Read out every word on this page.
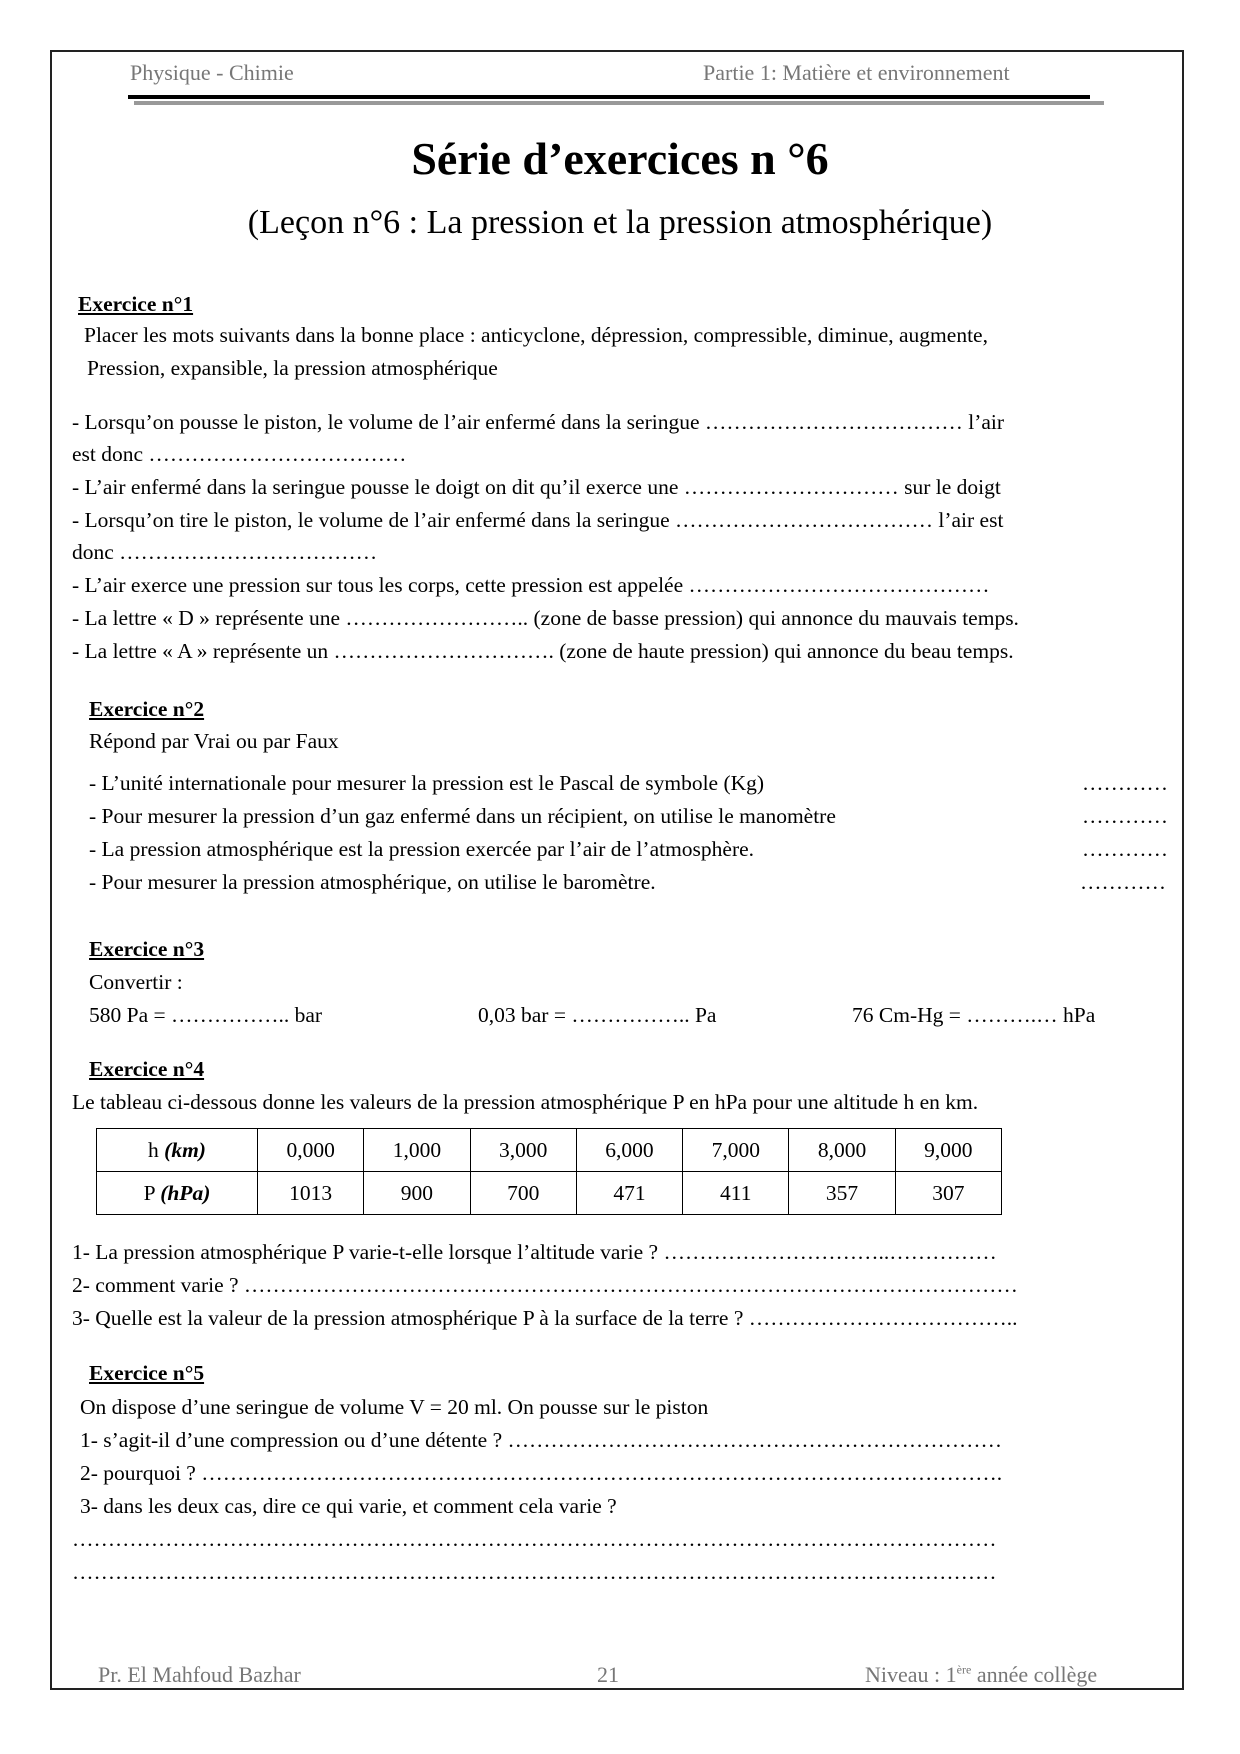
Physique - Chimie	Partie 1: Matière et environnement
Série d’exercices n °6
(Leçon n°6 : La pression et la pression atmosphérique)
Exercice n°1
Placer les mots suivants dans la bonne place : anticyclone, dépression, compressible, diminue, augmente,
Pression, expansible, la pression atmosphérique
- Lorsqu’on pousse le piston, le volume de l’air enfermé dans la seringue ……………………………… l’air
est donc ………………………………
- L’air enfermé dans la seringue pousse le doigt on dit qu’il exerce une ………………………… sur le doigt
- Lorsqu’on tire le piston, le volume de l’air enfermé dans la seringue ……………………………… l’air est
donc ………………………………
- L’air exerce une pression sur tous les corps, cette pression est appelée ……………………………………
- La lettre « D » représente une …………………….. (zone de basse pression) qui annonce du mauvais temps.
- La lettre « A » représente un …………………………. (zone de haute pression) qui annonce du beau temps.
Exercice n°2
Répond par Vrai ou par Faux
- L’unité internationale pour mesurer la pression est le Pascal de symbole (Kg)	…………
- Pour mesurer la pression d’un gaz enfermé dans un récipient, on utilise le manomètre	…………
- La pression atmosphérique est la pression exercée par l’air de l’atmosphère.	…………
- Pour mesurer la pression atmosphérique, on utilise le baromètre.	…………
Exercice n°3
Convertir :
580 Pa = …………….. bar	0,03 bar = …………….. Pa	76 Cm-Hg = ……….… hPa
Exercice n°4
Le tableau ci-dessous donne les valeurs de la pression atmosphérique P en hPa pour une altitude h en km.
h (km)	0,000	1,000	3,000	6,000	7,000	8,000	9,000
P (hPa)	1013	900	700	471	411	357	307
1- La pression atmosphérique P varie-t-elle lorsque l’altitude varie ? …………………………..……………
2- comment varie ? ………………………………………………………………………………………………
3- Quelle est la valeur de la pression atmosphérique P à la surface de la terre ? ………………………………..
Exercice n°5
On dispose d’une seringue de volume V = 20 ml. On pousse sur le piston
1- s’agit-il d’une compression ou d’une détente ? ……………………………………………………………
2- pourquoi ? ………………………………………………………………………………………………….
3- dans les deux cas, dire ce qui varie, et comment cela varie ?
…………………………………………………………………………………………………………………
…………………………………………………………………………………………………………………
Pr. El Mahfoud Bazhar	21	Niveau : 1ère année collège
